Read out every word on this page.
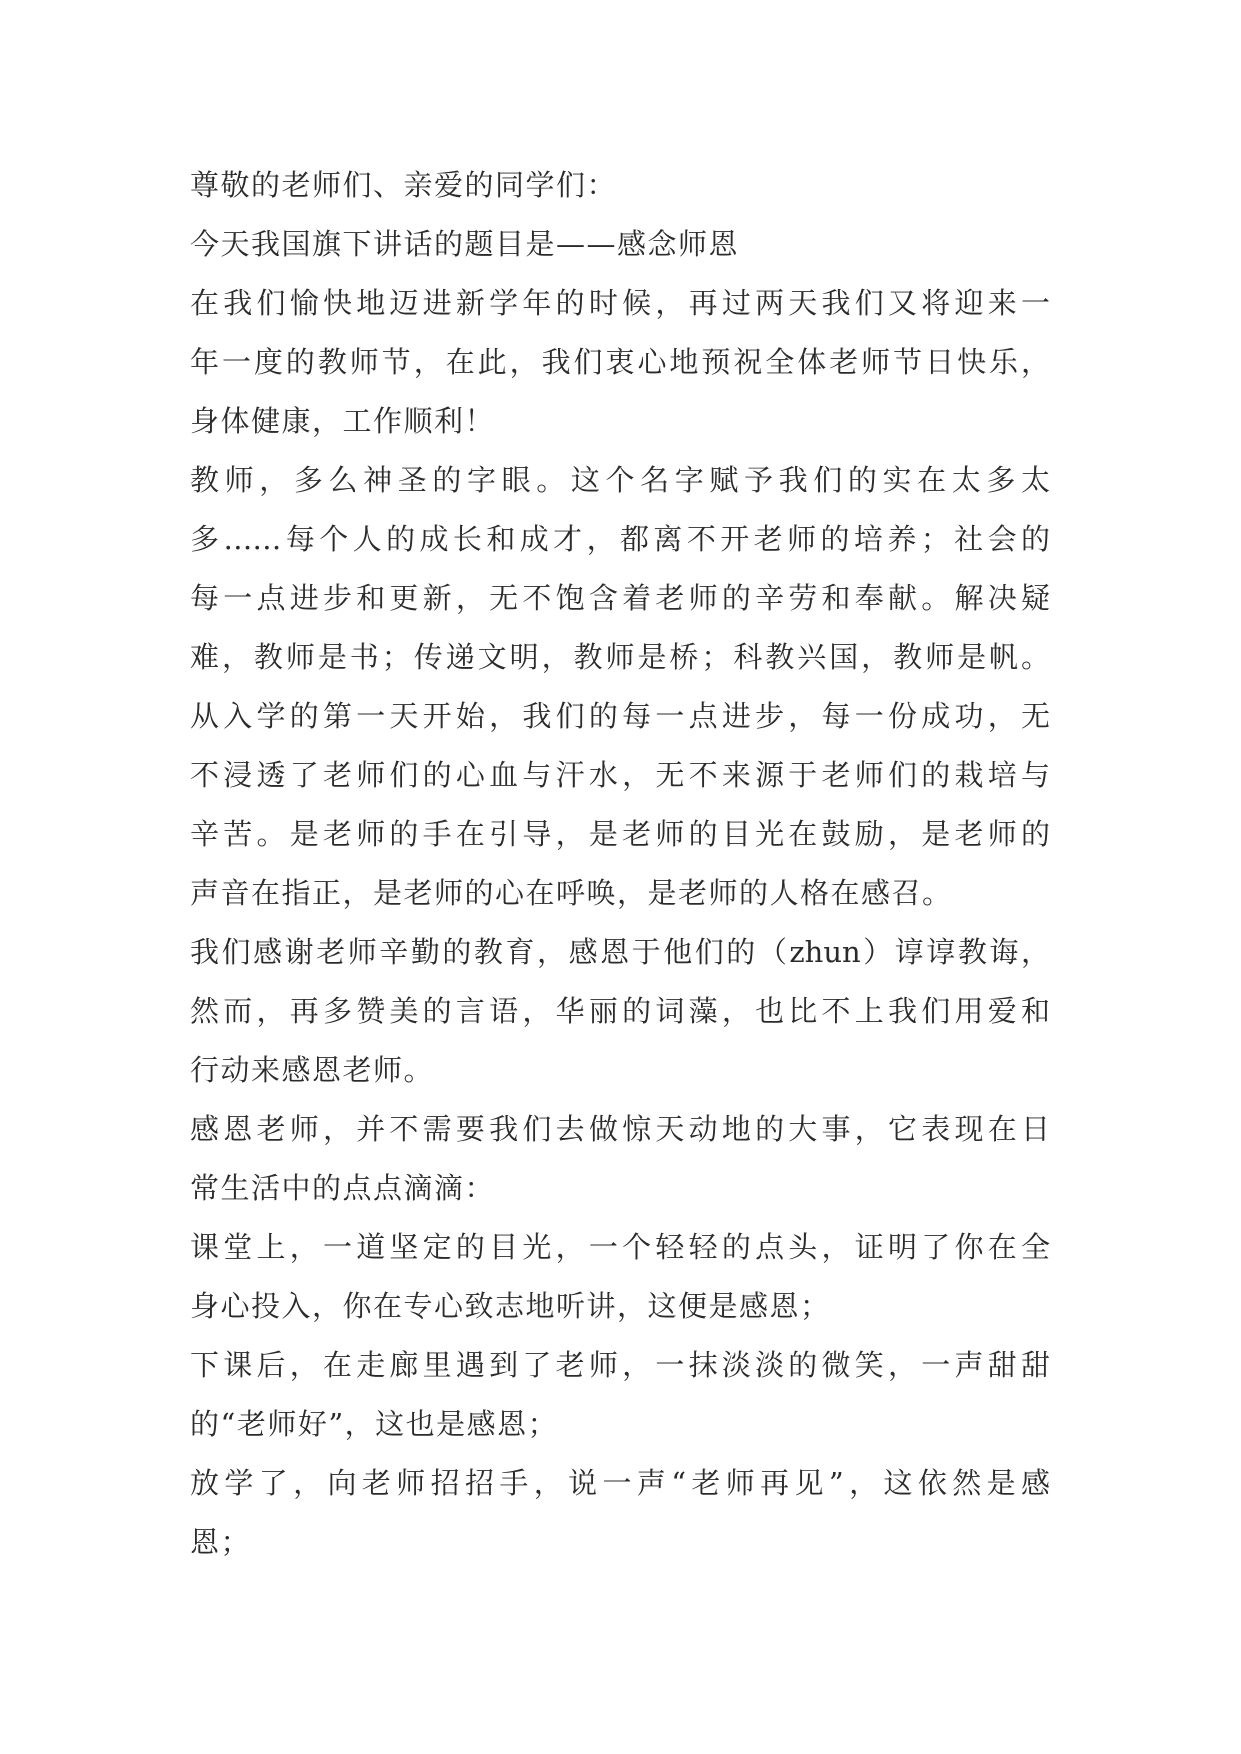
尊敬的老师们、亲爱的同学们：
今天我国旗下讲话的题目是——感念师恩
在我们愉快地迈进新学年的时候，再过两天我们又将迎来一
年一度的教师节，在此，我们衷心地预祝全体老师节日快乐，
身体健康，工作顺利！
教师，多么神圣的字眼。这个名字赋予我们的实在太多太
多……每个人的成长和成才，都离不开老师的培养；社会的
每一点进步和更新，无不饱含着老师的辛劳和奉献。解决疑
难，教师是书；传递文明，教师是桥；科教兴国，教师是帆。
从入学的第一天开始，我们的每一点进步，每一份成功，无
不浸透了老师们的心血与汗水，无不来源于老师们的栽培与
辛苦。是老师的手在引导，是老师的目光在鼓励，是老师的
声音在指正，是老师的心在呼唤，是老师的人格在感召。
我们感谢老师辛勤的教育，感恩于他们的（zhun）谆谆教诲，
然而，再多赞美的言语，华丽的词藻，也比不上我们用爱和
行动来感恩老师。
感恩老师，并不需要我们去做惊天动地的大事，它表现在日
常生活中的点点滴滴：
课堂上，一道坚定的目光，一个轻轻的点头，证明了你在全
身心投入，你在专心致志地听讲，这便是感恩；
下课后，在走廊里遇到了老师，一抹淡淡的微笑，一声甜甜
的“老师好”，这也是感恩；
放学了，向老师招招手，说一声“老师再见”，这依然是感
恩；
